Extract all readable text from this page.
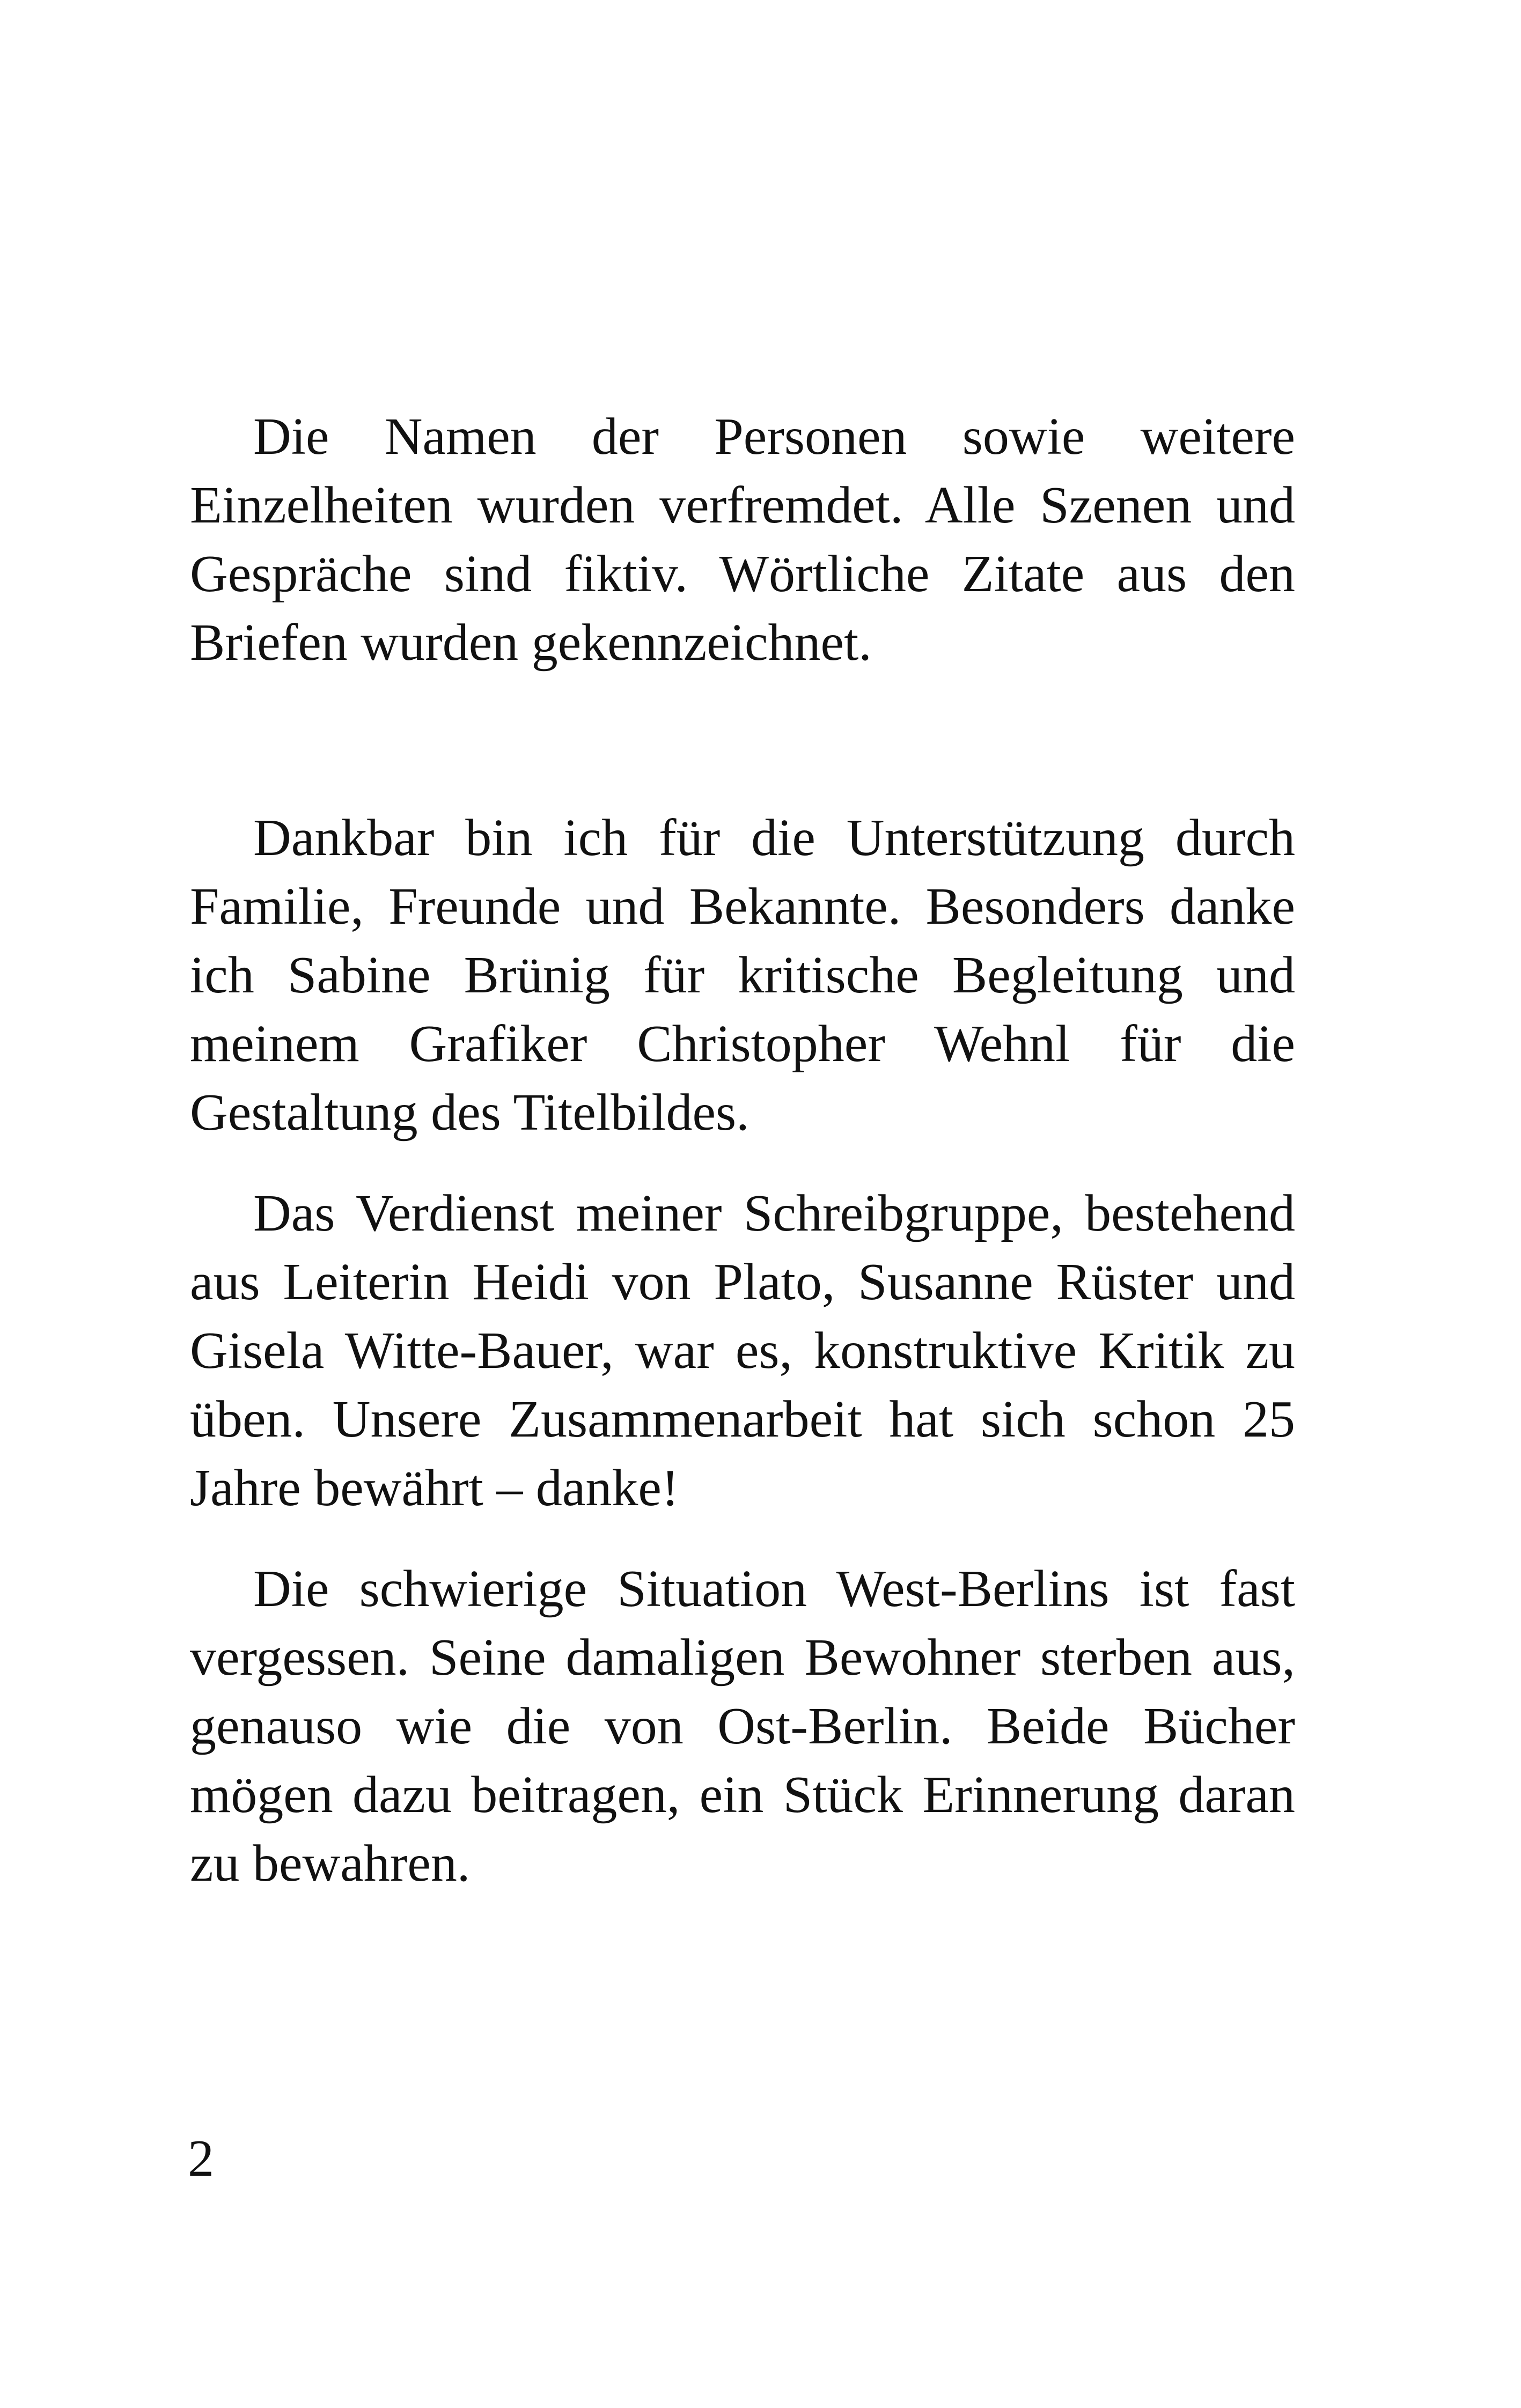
Die Namen der Personen sowie weitere Einzelheiten wurden verfremdet. Alle Szenen und Gespräche sind fiktiv. Wörtliche Zitate aus den Briefen wurden gekennzeichnet.

Dankbar bin ich für die Unterstützung durch Familie, Freunde und Bekannte. Besonders danke ich Sabine Brünig für kritische Begleitung und meinem Grafiker Christopher Wehnl für die Gestaltung des Titelbildes.

Das Verdienst meiner Schreibgruppe, bestehend aus Leiterin Heidi von Plato, Susanne Rüster und Gisela Witte-Bauer, war es, konstruktive Kritik zu üben. Unsere Zusammenarbeit hat sich schon 25 Jahre bewährt – danke!

Die schwierige Situation West-Berlins ist fast vergessen. Seine damaligen Bewohner sterben aus, genauso wie die von Ost-Berlin. Beide Bücher mögen dazu beitragen, ein Stück Erinnerung daran zu bewahren.

2
